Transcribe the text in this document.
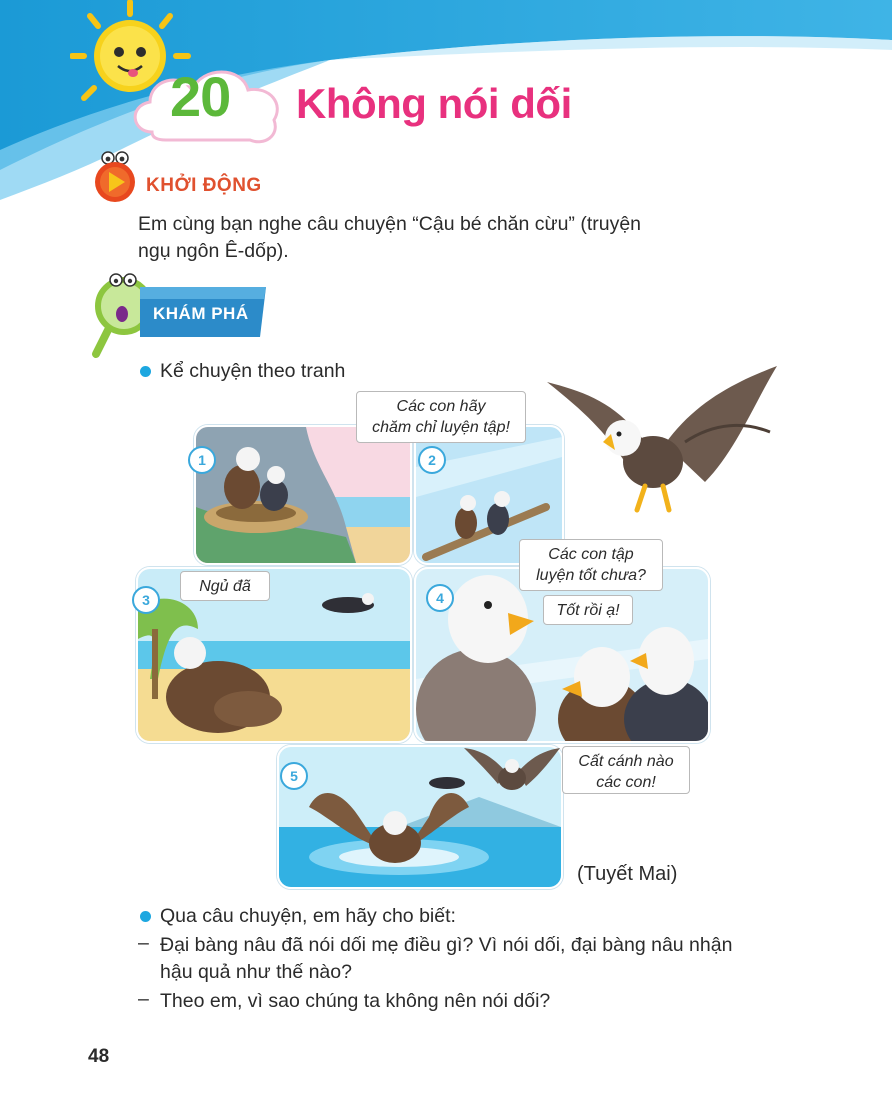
20 Không nói dối
KHỞI ĐỘNG
Em cùng bạn nghe câu chuyện “Cậu bé chăn cừu” (truyện
ngụ ngôn Ê-dốp).
KHÁM PHÁ
Kể chuyện theo tranh
1	2
Các con hãy
chăm chỉ luyện tập!
3
Ngủ đã
4
Các con tập
luyện tốt chưa?
Tốt rồi ạ!
5
Cất cánh nào
các con!
(Tuyết Mai)
Qua câu chuyện, em hãy cho biết:
– Đại bàng nâu đã nói dối mẹ điều gì? Vì nói dối, đại bàng nâu nhận
hậu quả như thế nào?
– Theo em, vì sao chúng ta không nên nói dối?
48
